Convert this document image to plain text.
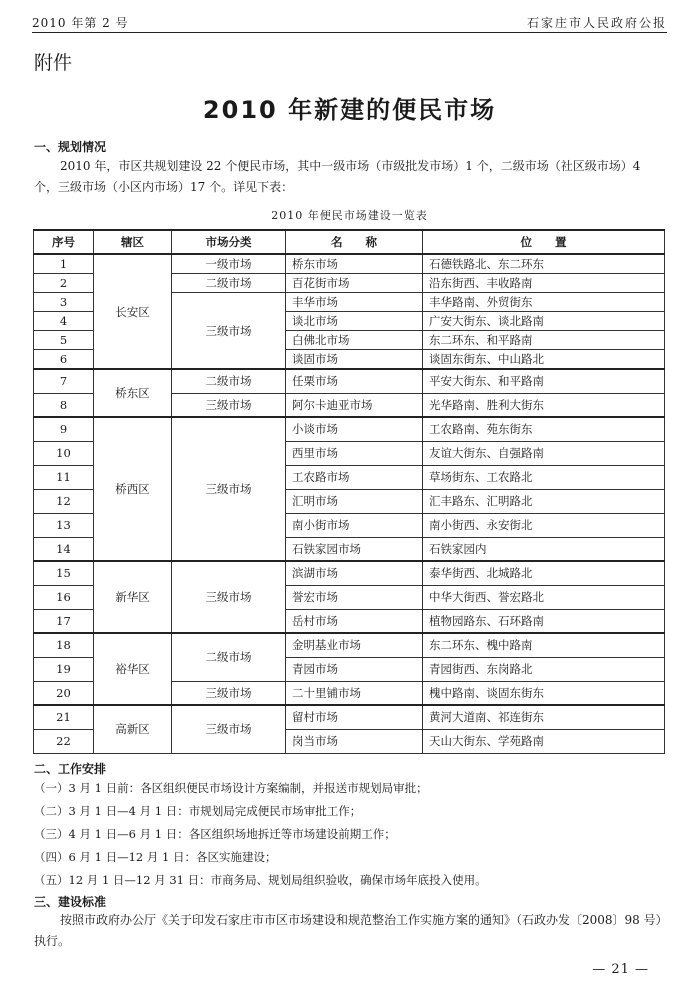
2010 年第 2 号	石家庄市人民政府公报
附件
2010 年新建的便民市场
一、规划情况
2010 年，市区共规划建设 22 个便民市场，其中一级市场（市级批发市场）1 个，二级市场（社区级市场）4 个，三级市场（小区内市场）17 个。详见下表：
2010 年便民市场建设一览表
序号	辖区	市场分类	名　　称	位　　置
1	长安区	一级市场	桥东市场	石德铁路北、东二环东
2		二级市场	百花街市场	沿东街西、丰收路南
3		三级市场	丰华市场	丰华路南、外贸街东
4			谈北市场	广安大街东、谈北路南
5			白佛北市场	东二环东、和平路南
6			谈固市场	谈固东街东、中山路北
7	桥东区	二级市场	任栗市场	平安大街东、和平路南
8		三级市场	阿尔卡迪亚市场	光华路南、胜利大街东
9	桥西区	三级市场	小谈市场	工农路南、苑东街东
10			西里市场	友谊大街东、自强路南
11			工农路市场	草场街东、工农路北
12			汇明市场	汇丰路东、汇明路北
13			南小街市场	南小街西、永安街北
14			石铁家园市场	石铁家园内
15	新华区	三级市场	滨湖市场	泰华街西、北城路北
16			誉宏市场	中华大街西、誉宏路北
17			岳村市场	植物园路东、石环路南
18	裕华区	二级市场	金明基业市场	东二环东、槐中路南
19			青园市场	青园街西、东岗路北
20		三级市场	二十里铺市场	槐中路南、谈固东街东
21	高新区	三级市场	留村市场	黄河大道南、祁连街东
22			岗当市场	天山大街东、学苑路南
二、工作安排
（一）3 月 1 日前：各区组织便民市场设计方案编制，并报送市规划局审批；
（二）3 月 1 日—4 月 1 日：市规划局完成便民市场审批工作；
（三）4 月 1 日—6 月 1 日：各区组织场地拆迁等市场建设前期工作；
（四）6 月 1 日—12 月 1 日：各区实施建设；
（五）12 月 1 日—12 月 31 日：市商务局、规划局组织验收，确保市场年底投入使用。
三、建设标准
按照市政府办公厅《关于印发石家庄市市区市场建设和规范整治工作实施方案的通知》（石政办发〔2008〕98 号）执行。
— 21 —
